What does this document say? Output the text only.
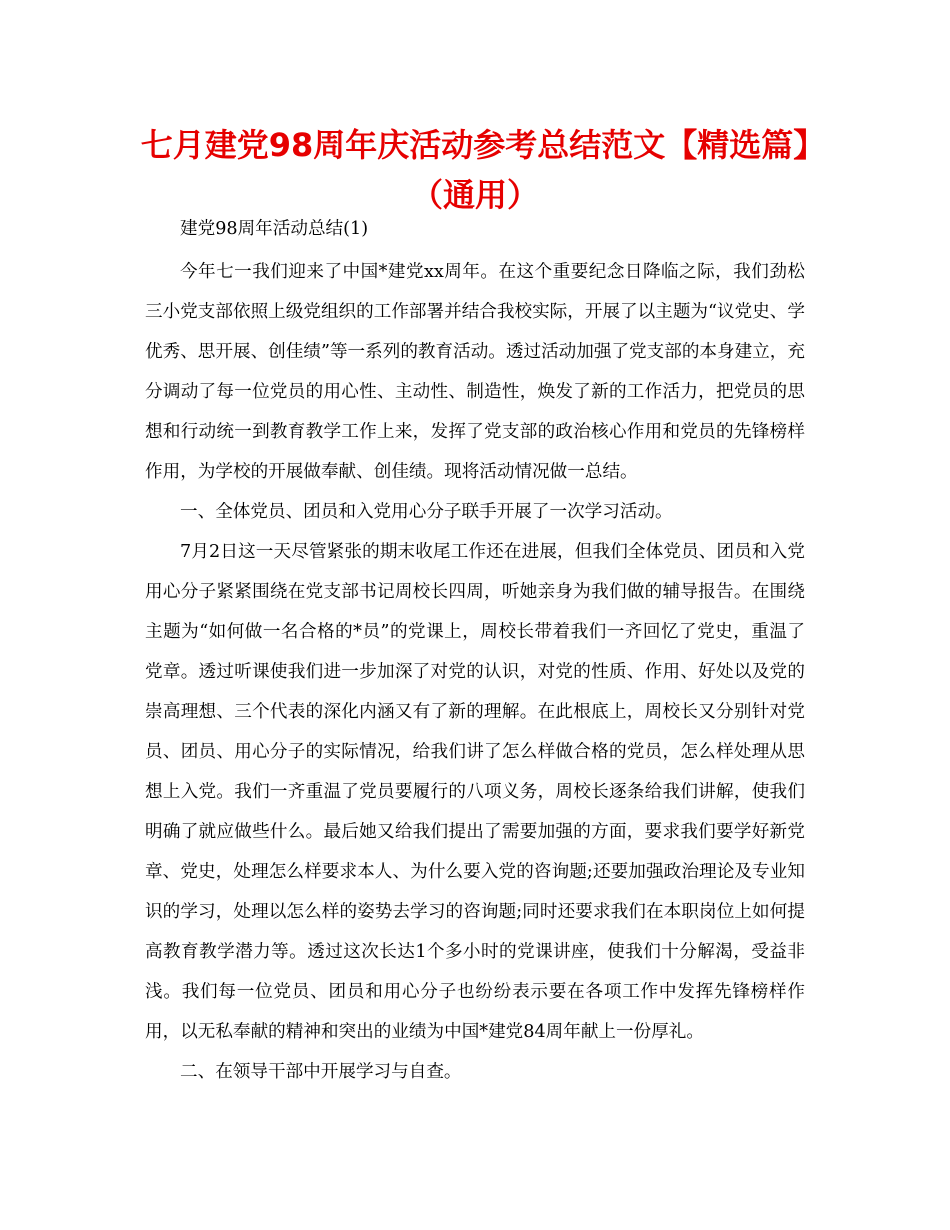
七月建党98周年庆活动参考总结范文【精选篇】（通用）

建党98周年活动总结(1)

今年七一我们迎来了中国*建党xx周年。在这个重要纪念日降临之际，我们劲松三小党支部依照上级党组织的工作部署并结合我校实际，开展了以主题为“议党史、学优秀、思开展、创佳绩”等一系列的教育活动。透过活动加强了党支部的本身建立，充分调动了每一位党员的用心性、主动性、制造性，焕发了新的工作活力，把党员的思想和行动统一到教育教学工作上来，发挥了党支部的政治核心作用和党员的先锋榜样作用，为学校的开展做奉献、创佳绩。现将活动情况做一总结。

一、全体党员、团员和入党用心分子联手开展了一次学习活动。

7月2日这一天尽管紧张的期末收尾工作还在进展，但我们全体党员、团员和入党用心分子紧紧围绕在党支部书记周校长四周，听她亲身为我们做的辅导报告。在围绕主题为“如何做一名合格的*员”的党课上，周校长带着我们一齐回忆了党史，重温了党章。透过听课使我们进一步加深了对党的认识，对党的性质、作用、好处以及党的崇高理想、三个代表的深化内涵又有了新的理解。在此根底上，周校长又分别针对党员、团员、用心分子的实际情况，给我们讲了怎么样做合格的党员，怎么样处理从思想上入党。我们一齐重温了党员要履行的八项义务，周校长逐条给我们讲解，使我们明确了就应做些什么。最后她又给我们提出了需要加强的方面，要求我们要学好新党章、党史，处理怎么样要求本人、为什么要入党的咨询题;还要加强政治理论及专业知识的学习，处理以怎么样的姿势去学习的咨询题;同时还要求我们在本职岗位上如何提高教育教学潜力等。透过这次长达1个多小时的党课讲座，使我们十分解渴，受益非浅。我们每一位党员、团员和用心分子也纷纷表示要在各项工作中发挥先锋榜样作用，以无私奉献的精神和突出的业绩为中国*建党84周年献上一份厚礼。

二、在领导干部中开展学习与自查。
